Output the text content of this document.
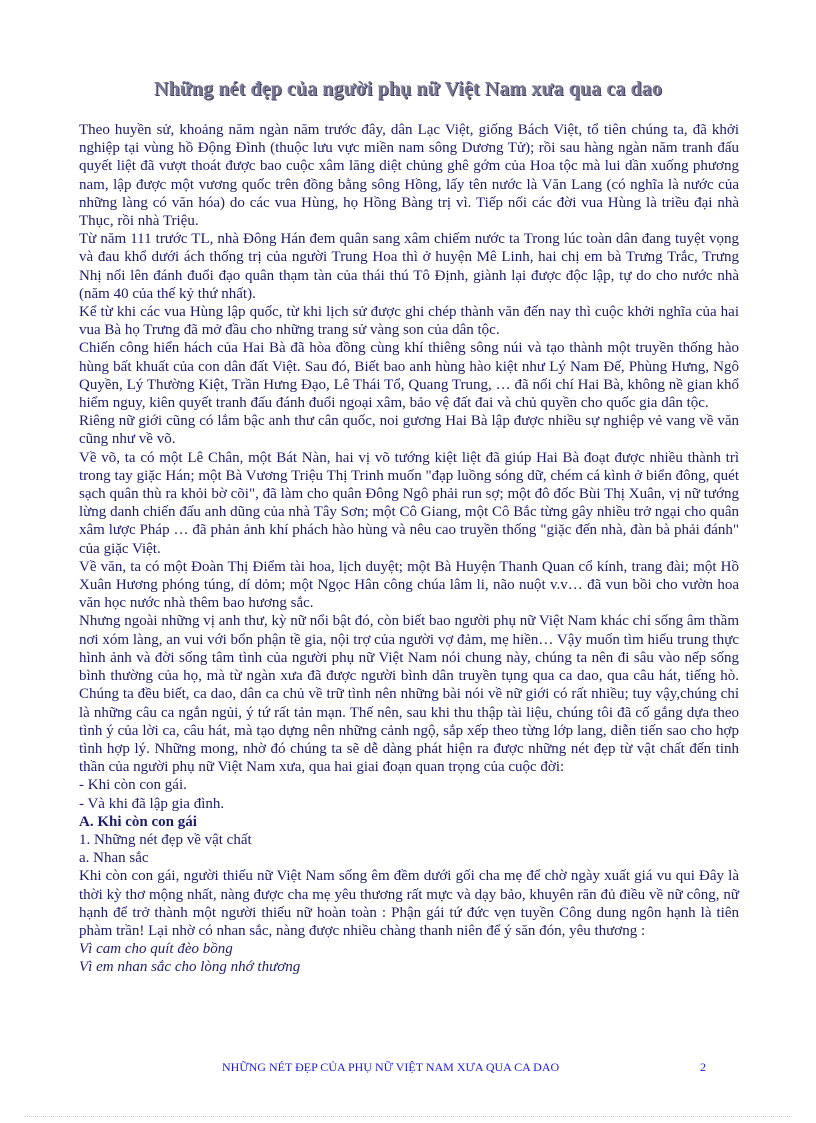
Những nét đẹp của người phụ nữ Việt Nam xưa qua ca dao

Theo huyền sử, khoảng năm ngàn năm trước đây, dân Lạc Việt, giống Bách Việt, tổ tiên chúng ta, đã khởi nghiệp tại vùng hồ Động Đình (thuộc lưu vực miền nam sông Dương Tử); rồi sau hàng ngàn năm tranh đấu quyết liệt đã vượt thoát được bao cuộc xâm lăng diệt chủng ghê gớm của Hoa tộc mà lui dần xuống phương nam, lập được một vương quốc trên đồng bằng sông Hồng, lấy tên nước là Văn Lang (có nghĩa là nước của những làng có văn hóa) do các vua Hùng, họ Hồng Bàng trị vì. Tiếp nối các đời vua Hùng là triều đại nhà Thục, rồi nhà Triệu.

Từ năm 111 trước TL, nhà Đông Hán đem quân sang xâm chiếm nước ta Trong lúc toàn dân đang tuyệt vọng và đau khổ dưới ách thống trị của người Trung Hoa thì ở huyện Mê Linh, hai chị em bà Trưng Trắc, Trưng Nhị nổi lên đánh đuổi đạo quân thạm tàn của thái thú Tô Định, giành lại được độc lập, tự do cho nước nhà (năm 40 của thế kỷ thứ nhất).

Kể từ khi các vua Hùng lập quốc, từ khi lịch sử được ghi chép thành văn đến nay thì cuộc khởi nghĩa của hai vua Bà họ Trưng đã mở đầu cho những trang sử vàng son của dân tộc.

Chiến công hiển hách của Hai Bà đã hòa đồng cùng khí thiêng sông núi và tạo thành một truyền thống hào hùng bất khuất của con dân đất Việt. Sau đó, Biết bao anh hùng hào kiệt như Lý Nam Đế, Phùng Hưng, Ngô Quyền, Lý Thường Kiệt, Trần Hưng Đạo, Lê Thái Tổ, Quang Trung, … đã nối chí Hai Bà, không nề gian khổ hiểm nguy, kiên quyết tranh đấu đánh đuổi ngoại xâm, bảo vệ đất đai và chủ quyền cho quốc gia dân tộc.

Riêng nữ giới cũng có lắm bậc anh thư cân quốc, noi gương Hai Bà lập được nhiều sự nghiệp vẻ vang về văn cũng như về võ.

Về võ, ta có một Lê Chân, một Bát Nàn, hai vị võ tướng kiệt liệt đã giúp Hai Bà đoạt được nhiều thành trì trong tay giặc Hán; một Bà Vương Triệu Thị Trinh muốn "đạp luồng sóng dữ, chém cá kình ở biển đông, quét sạch quân thù ra khỏi bờ cõi", đã làm cho quân Đông Ngô phải run sợ; một đô đốc Bùi Thị Xuân, vị nữ tướng lừng danh chiến đấu anh dũng của nhà Tây Sơn; một Cô Giang, một Cô Bắc từng gây nhiều trở ngại cho quân xâm lược Pháp … đã phản ảnh khí phách hào hùng và nêu cao truyền thống "giặc đến nhà, đàn bà phải đánh" của giặc Việt.

Về văn, ta có một Đoàn Thị Điểm tài hoa, lịch duyệt; một Bà Huyện Thanh Quan cổ kính, trang đài; một Hồ Xuân Hương phóng túng, dí dỏm; một Ngọc Hân công chúa lâm li, não nuột v.v… đã vun bồi cho vườn hoa văn học nước nhà thêm bao hương sắc.

Nhưng ngoài những vị anh thư, kỳ nữ nổi bật đó, còn biết bao người phụ nữ Việt Nam khác chỉ sống âm thầm nơi xóm làng, an vui với bổn phận tề gia, nội trợ của người vợ đảm, mẹ hiền… Vậy muốn tìm hiểu trung thực hình ảnh và đời sống tâm tình của người phụ nữ Việt Nam nói chung này, chúng ta nên đi sâu vào nếp sống bình thường của họ, mà từ ngàn xưa đã được người bình dân truyền tụng qua ca dao, qua câu hát, tiếng hò. Chúng ta đều biết, ca dao, dân ca chủ về trữ tình nên những bài nói về nữ giới có rất nhiều; tuy vậy,chúng chỉ là những câu ca ngắn ngủi, ý tứ rất tản mạn. Thế nên, sau khi thu thập tài liệu, chúng tôi đã cố gắng dựa theo tình ý của lời ca, câu hát, mà tạo dựng nên những cảnh ngộ, sắp xếp theo từng lớp lang, diễn tiến sao cho hợp tình hợp lý. Những mong, nhờ đó chúng ta sẽ dễ dàng phát hiện ra được những nét đẹp từ vật chất đến tinh thần của người phụ nữ Việt Nam xưa, qua hai giai đoạn quan trọng của cuộc đời:

- Khi còn con gái.

- Và khi đã lập gia đình.

A. Khi còn con gái

1. Những nét đẹp về vật chất

a. Nhan sắc

Khi còn con gái, người thiếu nữ Việt Nam sống êm đềm dưới gối cha mẹ để chờ ngày xuất giá vu qui Đây là thời kỳ thơ mộng nhất, nàng được cha mẹ yêu thương rất mực và dạy bảo, khuyên răn đủ điều về nữ công, nữ hạnh để trở thành một người thiếu nữ hoàn toàn : Phận gái tứ đức vẹn tuyền Công dung ngôn hạnh là tiên phàm trần! Lại nhờ có nhan sắc, nàng được nhiều chàng thanh niên để ý săn đón, yêu thương :

Vì cam cho quít đèo bồng

Vì em nhan sắc cho lòng nhớ thương

NHỮNG NÉT ĐẸP CỦA PHỤ NỮ VIỆT NAM XƯA QUA CA DAO	2
